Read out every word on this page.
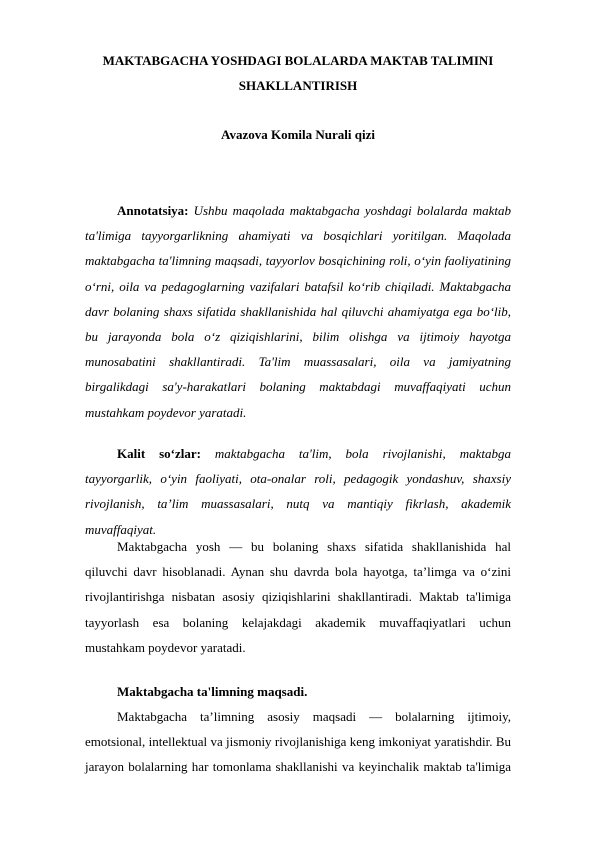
MAKTABGACHA YOSHDAGI BOLALARDA MAKTAB TALIMINI
SHAKLLANTIRISH
Avazova Komila Nurali qizi

Annotatsiya: Ushbu maqolada maktabgacha yoshdagi bolalarda maktab ta'limiga tayyorgarlikning ahamiyati va bosqichlari yoritilgan. Maqolada maktabgacha ta'limning maqsadi, tayyorlov bosqichining roli, o‘yin faoliyatining o‘rni, oila va pedagoglarning vazifalari batafsil ko‘rib chiqiladi. Maktabgacha davr bolaning shaxs sifatida shakllanishida hal qiluvchi ahamiyatga ega bo‘lib, bu jarayonda bola o‘z qiziqishlarini, bilim olishga va ijtimoiy hayotga munosabatini shakllantiradi. Ta'lim muassasalari, oila va jamiyatning birgalikdagi sa'y-harakatlari bolaning maktabdagi muvaffaqiyati uchun mustahkam poydevor yaratadi.

Kalit so‘zlar: maktabgacha ta'lim, bola rivojlanishi, maktabga tayyorgarlik, o‘yin faoliyati, ota-onalar roli, pedagogik yondashuv, shaxsiy rivojlanish, ta’lim muassasalari, nutq va mantiqiy fikrlash, akademik muvaffaqiyat.

Maktabgacha yosh — bu bolaning shaxs sifatida shakllanishida hal qiluvchi davr hisoblanadi. Aynan shu davrda bola hayotga, ta’limga va o‘zini rivojlantirishga nisbatan asosiy qiziqishlarini shakllantiradi. Maktab ta'limiga tayyorlash esa bolaning kelajakdagi akademik muvaffaqiyatlari uchun mustahkam poydevor yaratadi.

Maktabgacha ta'limning maqsadi.

Maktabgacha ta’limning asosiy maqsadi — bolalarning ijtimoiy, emotsional, intellektual va jismoniy rivojlanishiga keng imkoniyat yaratishdir. Bu jarayon bolalarning har tomonlama shakllanishi va keyinchalik maktab ta'limiga
